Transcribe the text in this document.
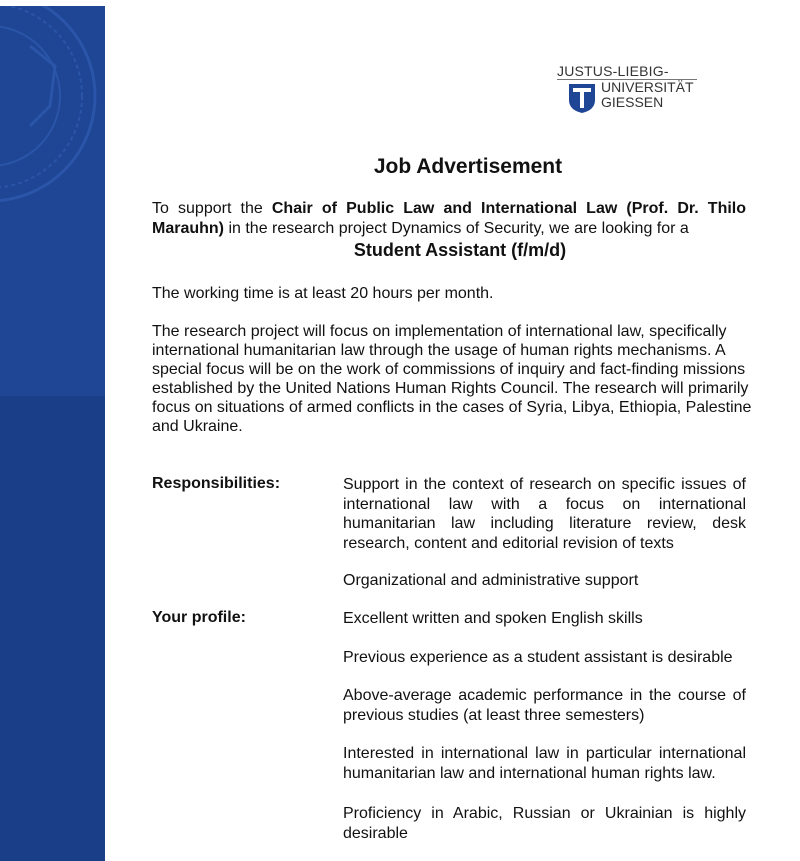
JUSTUS-LIEBIG-
UNIVERSITÄT
GIESSEN
Job Advertisement
To support the Chair of Public Law and International Law (Prof. Dr. Thilo Marauhn) in the research project Dynamics of Security, we are looking for a
Student Assistant (f/m/d)
The working time is at least 20 hours per month.
The research project will focus on implementation of international law, specifically international humanitarian law through the usage of human rights mechanisms. A special focus will be on the work of commissions of inquiry and fact-finding missions established by the United Nations Human Rights Council. The research will primarily focus on situations of armed conflicts in the cases of Syria, Libya, Ethiopia, Palestine and Ukraine.
Responsibilities:	Support in the context of research on specific issues of international law with a focus on international humanitarian law including literature review, desk research, content and editorial revision of texts
Organizational and administrative support
Your profile:	Excellent written and spoken English skills
Previous experience as a student assistant is desirable
Above-average academic performance in the course of previous studies (at least three semesters)
Interested in international law in particular international humanitarian law and international human rights law.
Proficiency in Arabic, Russian or Ukrainian is highly desirable
